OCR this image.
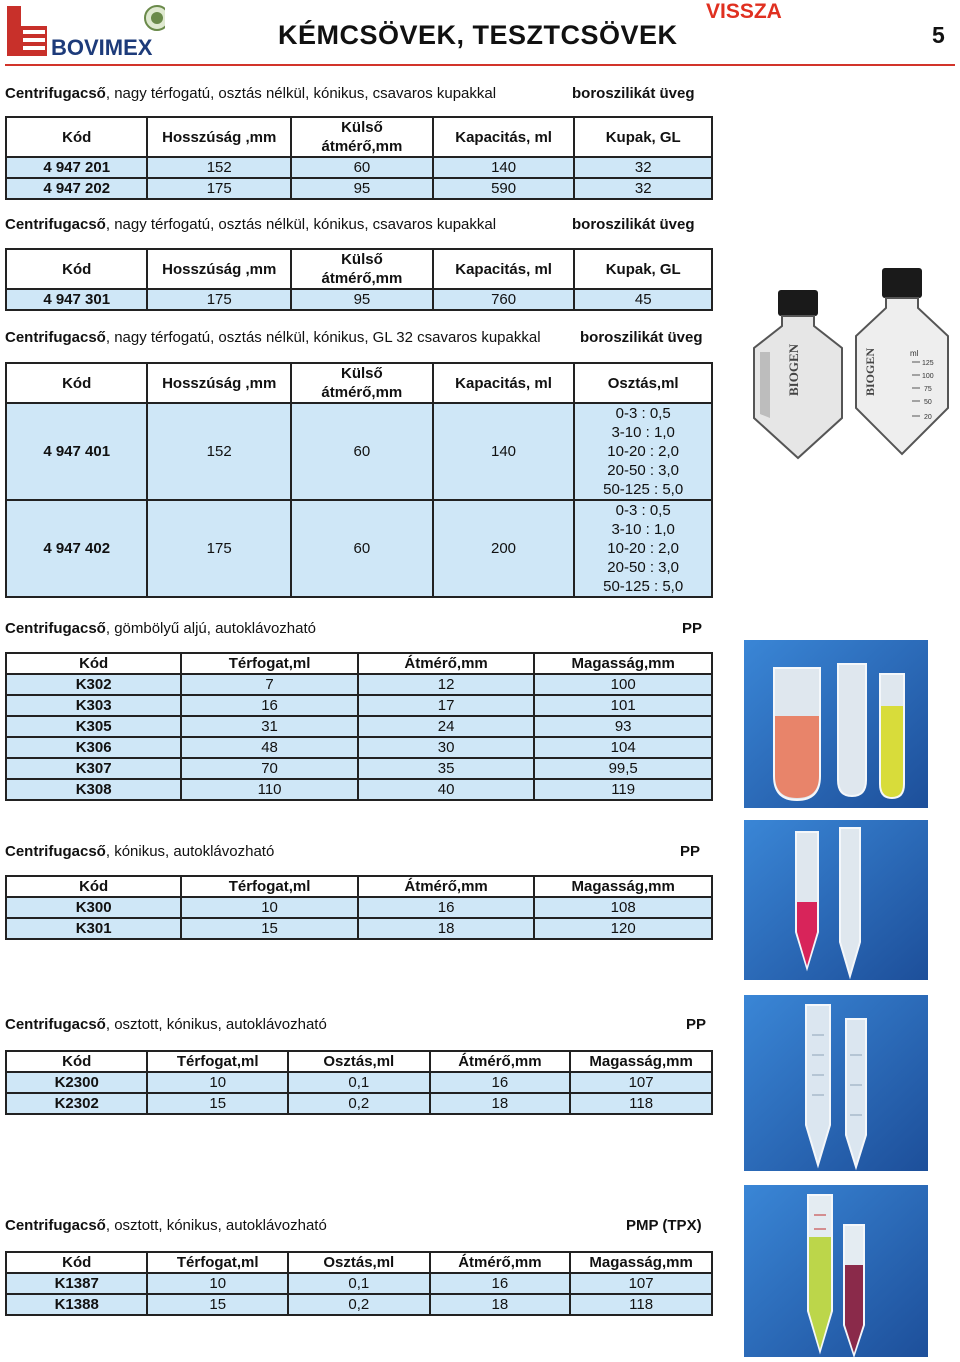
BOVIMEX	KÉMCSÖVEK, TESZTCSÖVEK
VISSZA
5
Centrifugacső, nagy térfogatú, osztás nélkül, kónikus, csavaros kupakkal	boroszilikát üveg
Kód	Hosszúság ,mm	Külső átmérő,mm	Kapacitás, ml	Kupak, GL
4 947 201	152	60	140	32
4 947 202	175	95	590	32
Centrifugacső, nagy térfogatú, osztás nélkül, kónikus, csavaros kupakkal	boroszilikát üveg
Kód	Hosszúság ,mm	Külső átmérő,mm	Kapacitás, ml	Kupak, GL
4 947 301	175	95	760	45
Centrifugacső, nagy térfogatú, osztás nélkül, kónikus, GL 32 csavaros kupakkal	boroszilikát üveg
Kód	Hosszúság ,mm	Külső átmérő,mm	Kapacitás, ml	Osztás,ml
4 947 401	152	60	140	0-3 : 0,5
3-10 : 1,0
10-20 : 2,0
20-50 : 3,0
50-125 : 5,0

4 947 402	175	60	200	0-3 : 0,5
3-10 : 1,0
10-20 : 2,0
20-50 : 3,0
50-125 : 5,0
BIOGEN	BIOGEN	ml
125
100
75
50
20
Centrifugacső, gömbölyű aljú, autoklávozható	PP
Kód	Térfogat,ml	Átmérő,mm	Magasság,mm
K302	7	12	100
K303	16	17	101
K305	31	24	93
K306	48	30	104
K307	70	35	99,5
K308	110	40	119
Centrifugacső, kónikus, autoklávozható	PP
Kód	Térfogat,ml	Átmérő,mm	Magasság,mm
K300	10	16	108
K301	15	18	120
Centrifugacső, osztott, kónikus, autoklávozható	PP
Kód	Térfogat,ml	Osztás,ml	Átmérő,mm	Magasság,mm
K2300	10	0,1	16	107
K2302	15	0,2	18	118
Centrifugacső, osztott, kónikus, autoklávozható	PMP (TPX)
Kód	Térfogat,ml	Osztás,ml	Átmérő,mm	Magasság,mm
K1387	10	0,1	16	107
K1388	15	0,2	18	118
